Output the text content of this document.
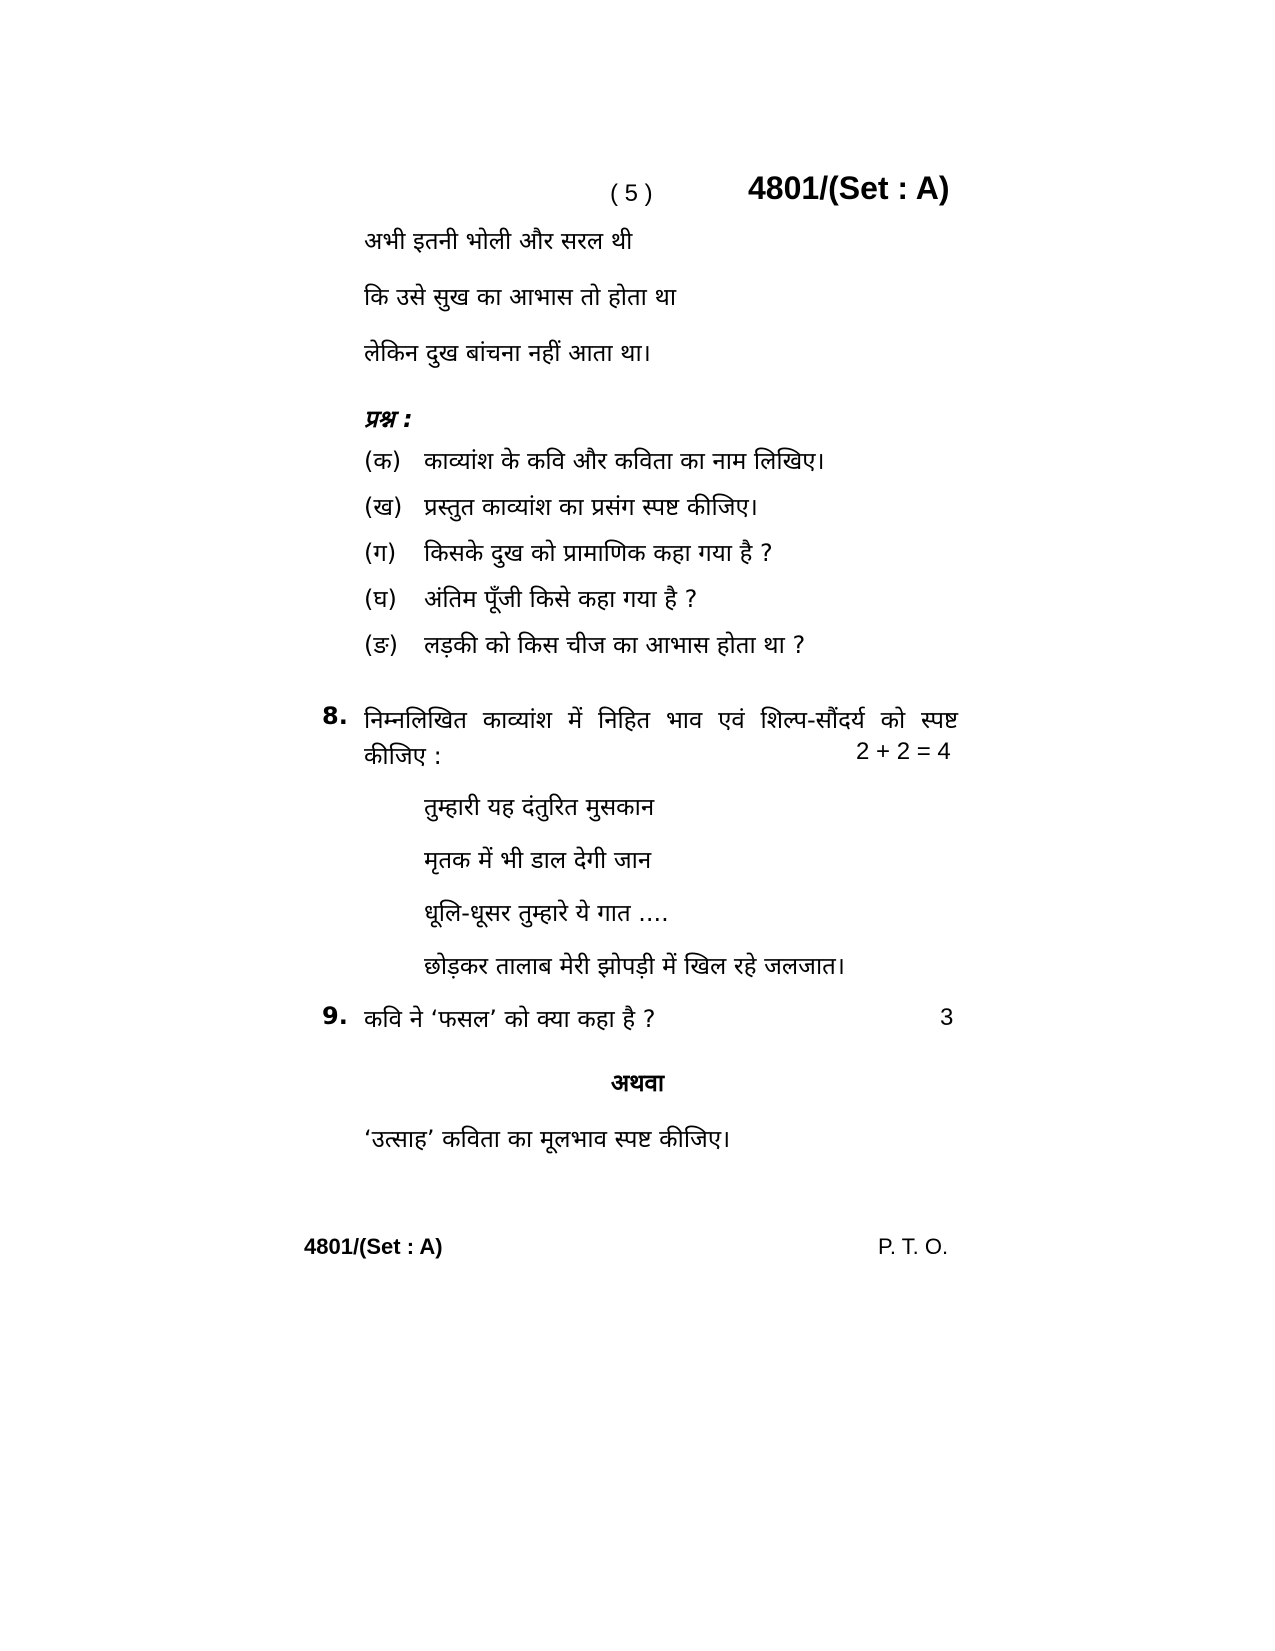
( 5 )	4801/(Set : A)
अभी इतनी भोली और सरल थी
कि उसे सुख का आभास तो होता था
लेकिन दुख बांचना नहीं आता था।
प्रश्न :
(क) काव्यांश के कवि और कविता का नाम लिखिए।
(ख) प्रस्तुत काव्यांश का प्रसंग स्पष्ट कीजिए।
(ग) किसके दुख को प्रामाणिक कहा गया है ?
(घ) अंतिम पूँजी किसे कहा गया है ?
(ङ) लड़की को किस चीज का आभास होता था ?
8. निम्नलिखित काव्यांश में निहित भाव एवं शिल्प-सौंदर्य को स्पष्ट कीजिए :	2 + 2 = 4
तुम्हारी यह दंतुरित मुसकान
मृतक में भी डाल देगी जान
धूलि-धूसर तुम्हारे ये गात ....
छोड़कर तालाब मेरी झोपड़ी में खिल रहे जलजात।
9. कवि ने ‘फसल’ को क्या कहा है ?	3
अथवा
‘उत्साह’ कविता का मूलभाव स्पष्ट कीजिए।
4801/(Set : A)	P. T. O.
